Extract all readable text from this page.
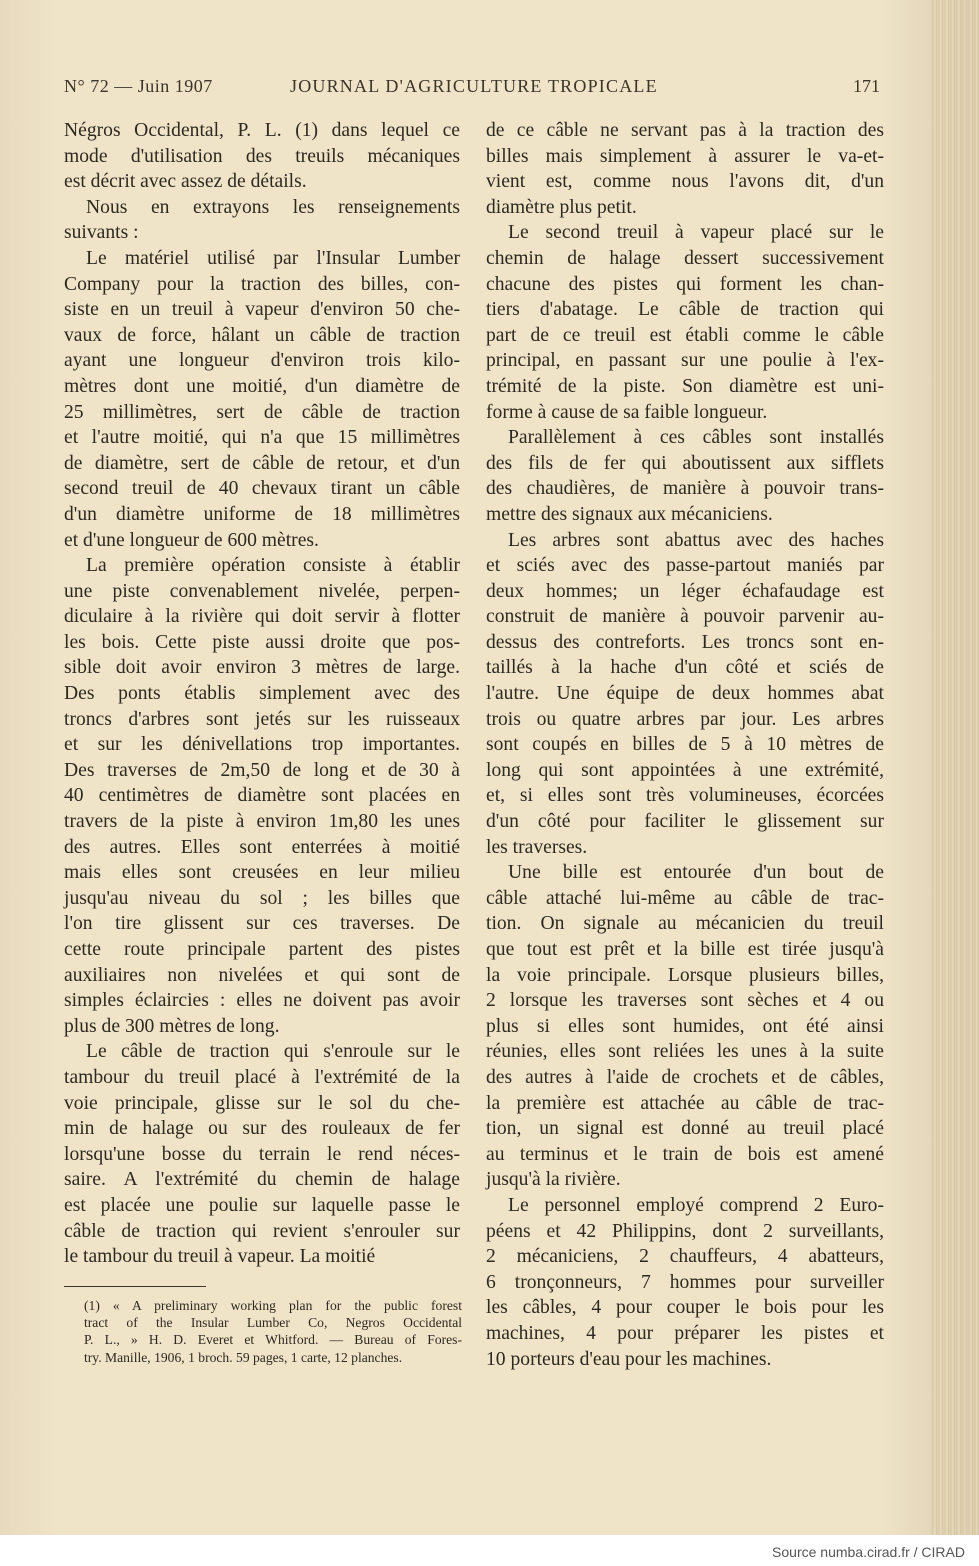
N° 72 — Juin 1907	JOURNAL D'AGRICULTURE TROPICALE	171
Négros Occidental, P. L. (1) dans lequel ce
mode d'utilisation des treuils mécaniques
est décrit avec assez de détails.
Nous en extrayons les renseignements
suivants :
Le matériel utilisé par l'Insular Lumber
Company pour la traction des billes, con-
siste en un treuil à vapeur d'environ 50 che-
vaux de force, hâlant un câble de traction
ayant une longueur d'environ trois kilo-
mètres dont une moitié, d'un diamètre de
25 millimètres, sert de câble de traction
et l'autre moitié, qui n'a que 15 millimètres
de diamètre, sert de câble de retour, et d'un
second treuil de 40 chevaux tirant un câble
d'un diamètre uniforme de 18 millimètres
et d'une longueur de 600 mètres.
La première opération consiste à établir
une piste convenablement nivelée, perpen-
diculaire à la rivière qui doit servir à flotter
les bois. Cette piste aussi droite que pos-
sible doit avoir environ 3 mètres de large.
Des ponts établis simplement avec des
troncs d'arbres sont jetés sur les ruisseaux
et sur les dénivellations trop importantes.
Des traverses de 2m,50 de long et de 30 à
40 centimètres de diamètre sont placées en
travers de la piste à environ 1m,80 les unes
des autres. Elles sont enterrées à moitié
mais elles sont creusées en leur milieu
jusqu'au niveau du sol ; les billes que
l'on tire glissent sur ces traverses. De
cette route principale partent des pistes
auxiliaires non nivelées et qui sont de
simples éclaircies : elles ne doivent pas avoir
plus de 300 mètres de long.
Le câble de traction qui s'enroule sur le
tambour du treuil placé à l'extrémité de la
voie principale, glisse sur le sol du che-
min de halage ou sur des rouleaux de fer
lorsqu'une bosse du terrain le rend néces-
saire. A l'extrémité du chemin de halage
est placée une poulie sur laquelle passe le
câble de traction qui revient s'enrouler sur
le tambour du treuil à vapeur. La moitié
de ce câble ne servant pas à la traction des
billes mais simplement à assurer le va-et-
vient est, comme nous l'avons dit, d'un
diamètre plus petit.
Le second treuil à vapeur placé sur le
chemin de halage dessert successivement
chacune des pistes qui forment les chan-
tiers d'abatage. Le câble de traction qui
part de ce treuil est établi comme le câble
principal, en passant sur une poulie à l'ex-
trémité de la piste. Son diamètre est uni-
forme à cause de sa faible longueur.
Parallèlement à ces câbles sont installés
des fils de fer qui aboutissent aux sifflets
des chaudières, de manière à pouvoir trans-
mettre des signaux aux mécaniciens.
Les arbres sont abattus avec des haches
et sciés avec des passe-partout maniés par
deux hommes; un léger échafaudage est
construit de manière à pouvoir parvenir au-
dessus des contreforts. Les troncs sont en-
taillés à la hache d'un côté et sciés de
l'autre. Une équipe de deux hommes abat
trois ou quatre arbres par jour. Les arbres
sont coupés en billes de 5 à 10 mètres de
long qui sont appointées à une extrémité,
et, si elles sont très volumineuses, écorcées
d'un côté pour faciliter le glissement sur
les traverses.
Une bille est entourée d'un bout de
câble attaché lui-même au câble de trac-
tion. On signale au mécanicien du treuil
que tout est prêt et la bille est tirée jusqu'à
la voie principale. Lorsque plusieurs billes,
2 lorsque les traverses sont sèches et 4 ou
plus si elles sont humides, ont été ainsi
réunies, elles sont reliées les unes à la suite
des autres à l'aide de crochets et de câbles,
la première est attachée au câble de trac-
tion, un signal est donné au treuil placé
au terminus et le train de bois est amené
jusqu'à la rivière.
Le personnel employé comprend 2 Euro-
péens et 42 Philippins, dont 2 surveillants,
2 mécaniciens, 2 chauffeurs, 4 abatteurs,
6 tronçonneurs, 7 hommes pour surveiller
les câbles, 4 pour couper le bois pour les
machines, 4 pour préparer les pistes et
10 porteurs d'eau pour les machines.
(1) « A preliminary working plan for the public forest
tract of the Insular Lumber Co, Negros Occidental
P. L., » H. D. Everet et Whitford. — Bureau of Fores-
try. Manille, 1906, 1 broch. 59 pages, 1 carte, 12 planches.
Source numba.cirad.fr / CIRAD
